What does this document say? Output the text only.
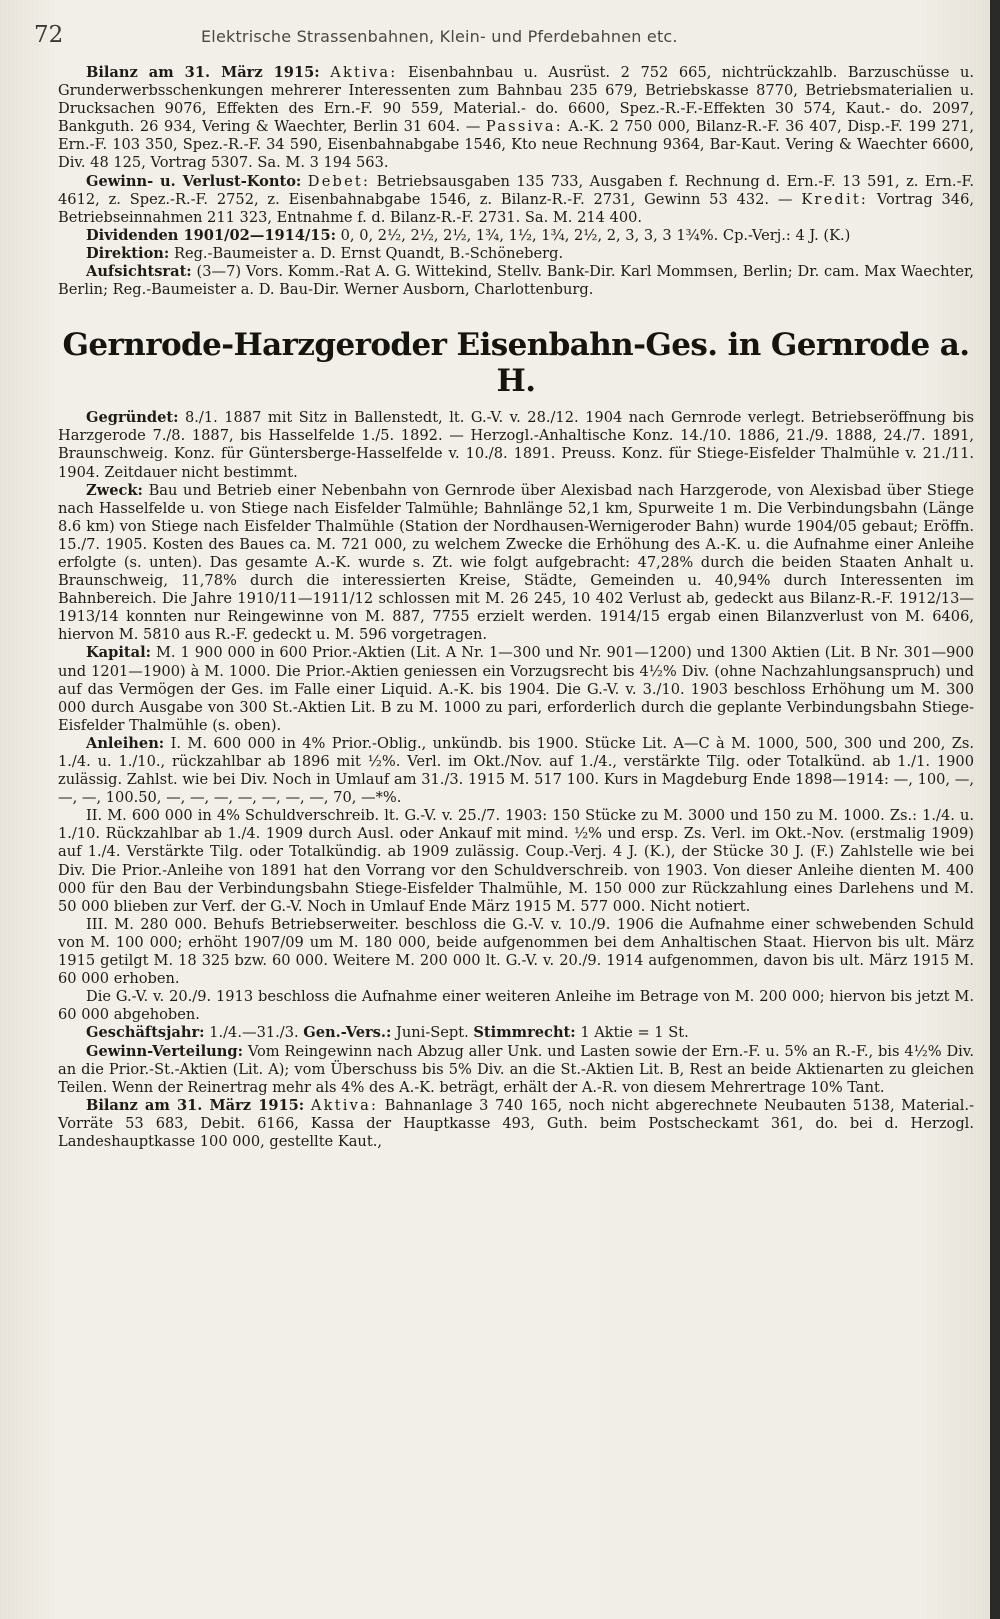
72	Elektrische Strassenbahnen, Klein- und Pferdebahnen etc.

Bilanz am 31. März 1915: Aktiva: Eisenbahnbau u. Ausrüst. 2 752 665, nichtrückzahlb. Barzuschüsse u. Grunderwerbsschenkungen mehrerer Interessenten zum Bahnbau 235 679, Betriebskasse 8770, Betriebsmaterialien u. Drucksachen 9076, Effekten des Ern.-F. 90 559, Material.- do. 6600, Spez.-R.-F.-Effekten 30 574, Kaut.- do. 2097, Bankguth. 26 934, Vering & Waechter, Berlin 31 604. — Passiva: A.-K. 2 750 000, Bilanz-R.-F. 36 407, Disp.-F. 199 271, Ern.-F. 103 350, Spez.-R.-F. 34 590, Eisenbahnabgabe 1546, Kto neue Rechnung 9364, Bar-Kaut. Vering & Waechter 6600, Div. 48 125, Vortrag 5307. Sa. M. 3 194 563.

Gewinn- u. Verlust-Konto: Debet: Betriebsausgaben 135 733, Ausgaben f. Rechnung d. Ern.-F. 13 591, z. Ern.-F. 4612, z. Spez.-R.-F. 2752, z. Eisenbahnabgabe 1546, z. Bilanz-R.-F. 2731, Gewinn 53 432. — Kredit: Vortrag 346, Betriebseinnahmen 211 323, Entnahme f. d. Bilanz-R.-F. 2731. Sa. M. 214 400.

Dividenden 1901/02—1914/15: 0, 0, 2½, 2½, 2½, 1¾, 1½, 1¾, 2½, 2, 3, 3, 3 1¾%. Cp.-Verj.: 4 J. (K.)

Direktion: Reg.-Baumeister a. D. Ernst Quandt, B.-Schöneberg.

Aufsichtsrat: (3—7) Vors. Komm.-Rat A. G. Wittekind, Stellv. Bank-Dir. Karl Mommsen, Berlin; Dr. cam. Max Waechter, Berlin; Reg.-Baumeister a. D. Bau-Dir. Werner Ausborn, Charlottenburg.

Gernrode-Harzgeroder Eisenbahn-Ges. in Gernrode a. H.

Gegründet: 8./1. 1887 mit Sitz in Ballenstedt, lt. G.-V. v. 28./12. 1904 nach Gernrode verlegt. Betriebseröffnung bis Harzgerode 7./8. 1887, bis Hasselfelde 1./5. 1892. — Herzogl.-Anhaltische Konz. 14./10. 1886, 21./9. 1888, 24./7. 1891, Braunschweig. Konz. für Güntersberge-Hasselfelde v. 10./8. 1891. Preuss. Konz. für Stiege-Eisfelder Thalmühle v. 21./11. 1904. Zeitdauer nicht bestimmt.

Zweck: Bau und Betrieb einer Nebenbahn von Gernrode über Alexisbad nach Harzgerode, von Alexisbad über Stiege nach Hasselfelde u. von Stiege nach Eisfelder Talmühle; Bahnlänge 52,1 km, Spurweite 1 m. Die Verbindungsbahn (Länge 8.6 km) von Stiege nach Eisfelder Thalmühle (Station der Nordhausen-Wernigeroder Bahn) wurde 1904/05 gebaut; Eröffn. 15./7. 1905. Kosten des Baues ca. M. 721 000, zu welchem Zwecke die Erhöhung des A.-K. u. die Aufnahme einer Anleihe erfolgte (s. unten). Das gesamte A.-K. wurde s. Zt. wie folgt aufgebracht: 47,28% durch die beiden Staaten Anhalt u. Braunschweig, 11,78% durch die interessierten Kreise, Städte, Gemeinden u. 40,94% durch Interessenten im Bahnbereich. Die Jahre 1910/11—1911/12 schlossen mit M. 26 245, 10 402 Verlust ab, gedeckt aus Bilanz-R.-F. 1912/13—1913/14 konnten nur Reingewinne von M. 887, 7755 erzielt werden. 1914/15 ergab einen Bilanzverlust von M. 6406, hiervon M. 5810 aus R.-F. gedeckt u. M. 596 vorgetragen.

Kapital: M. 1 900 000 in 600 Prior.-Aktien (Lit. A Nr. 1—300 und Nr. 901—1200) und 1300 Aktien (Lit. B Nr. 301—900 und 1201—1900) à M. 1000. Die Prior.-Aktien geniessen ein Vorzugsrecht bis 4½% Div. (ohne Nachzahlungsanspruch) und auf das Vermögen der Ges. im Falle einer Liquid. A.-K. bis 1904. Die G.-V. v. 3./10. 1903 beschloss Erhöhung um M. 300 000 durch Ausgabe von 300 St.-Aktien Lit. B zu M. 1000 zu pari, erforderlich durch die geplante Verbindungsbahn Stiege-Eisfelder Thalmühle (s. oben).

Anleihen: I. M. 600 000 in 4% Prior.-Oblig., unkündb. bis 1900. Stücke Lit. A—C à M. 1000, 500, 300 und 200, Zs. 1./4. u. 1./10., rückzahlbar ab 1896 mit ½%. Verl. im Okt./Nov. auf 1./4., verstärkte Tilg. oder Totalkünd. ab 1./1. 1900 zulässig. Zahlst. wie bei Div. Noch in Umlauf am 31./3. 1915 M. 517 100. Kurs in Magdeburg Ende 1898—1914: —, 100, —, —, —, 100.50, —, —, —, —, —, —, —, 70, —*%.

II. M. 600 000 in 4% Schuldverschreib. lt. G.-V. v. 25./7. 1903: 150 Stücke zu M. 3000 und 150 zu M. 1000. Zs.: 1./4. u. 1./10. Rückzahlbar ab 1./4. 1909 durch Ausl. oder Ankauf mit mind. ½% und ersp. Zs. Verl. im Okt.-Nov. (erstmalig 1909) auf 1./4. Verstärkte Tilg. oder Totalkündig. ab 1909 zulässig. Coup.-Verj. 4 J. (K.), der Stücke 30 J. (F.) Zahlstelle wie bei Div. Die Prior.-Anleihe von 1891 hat den Vorrang vor den Schuldverschreib. von 1903. Von dieser Anleihe dienten M. 400 000 für den Bau der Verbindungsbahn Stiege-Eisfelder Thalmühle, M. 150 000 zur Rückzahlung eines Darlehens und M. 50 000 blieben zur Verf. der G.-V. Noch in Umlauf Ende März 1915 M. 577 000. Nicht notiert.

III. M. 280 000. Behufs Betriebserweiter. beschloss die G.-V. v. 10./9. 1906 die Aufnahme einer schwebenden Schuld von M. 100 000; erhöht 1907/09 um M. 180 000, beide aufgenommen bei dem Anhaltischen Staat. Hiervon bis ult. März 1915 getilgt M. 18 325 bzw. 60 000. Weitere M. 200 000 lt. G.-V. v. 20./9. 1914 aufgenommen, davon bis ult. März 1915 M. 60 000 erhoben.

Die G.-V. v. 20./9. 1913 beschloss die Aufnahme einer weiteren Anleihe im Betrage von M. 200 000; hiervon bis jetzt M. 60 000 abgehoben.

Geschäftsjahr: 1./4.—31./3. Gen.-Vers.: Juni-Sept. Stimmrecht: 1 Aktie = 1 St.

Gewinn-Verteilung: Vom Reingewinn nach Abzug aller Unk. und Lasten sowie der Ern.-F. u. 5% an R.-F., bis 4½% Div. an die Prior.-St.-Aktien (Lit. A); vom Überschuss bis 5% Div. an die St.-Aktien Lit. B, Rest an beide Aktienarten zu gleichen Teilen. Wenn der Reinertrag mehr als 4% des A.-K. beträgt, erhält der A.-R. von diesem Mehrertrage 10% Tant.

Bilanz am 31. März 1915: Aktiva: Bahnanlage 3 740 165, noch nicht abgerechnete Neubauten 5138, Material.-Vorräte 53 683, Debit. 6166, Kassa der Hauptkasse 493, Guth. beim Postscheckamt 361, do. bei d. Herzogl. Landeshauptkasse 100 000, gestellte Kaut.,
